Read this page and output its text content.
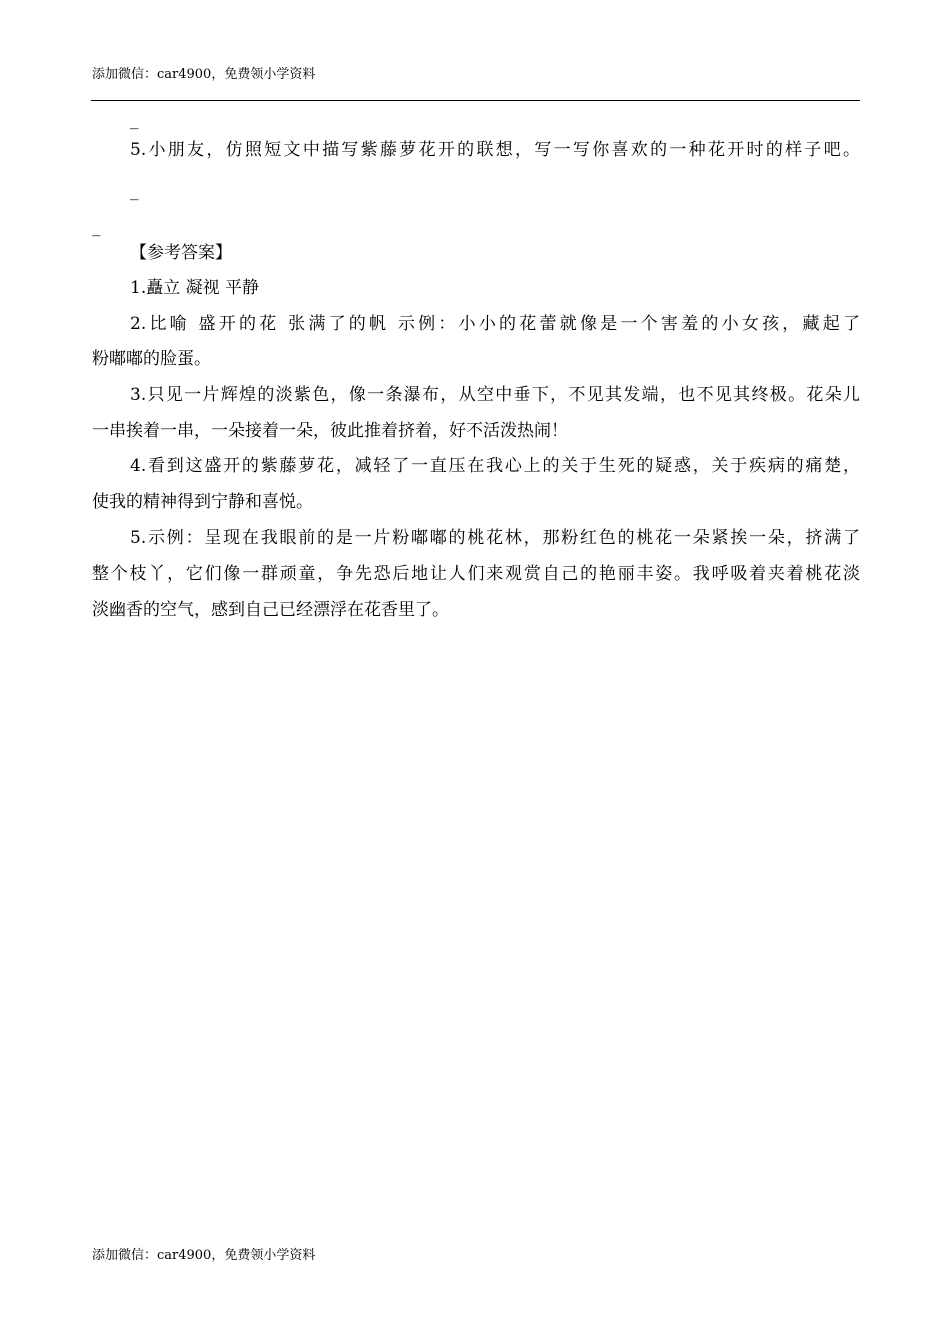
添加微信：car4900，免费领小学资料
_
5.小朋友，仿照短文中描写紫藤萝花开的联想，写一写你喜欢的一种花开时的样子吧。
_
_
【参考答案】
1.矗立 凝视 平静
2.比喻 盛开的花 张满了的帆 示例：小小的花蕾就像是一个害羞的小女孩，藏起了
粉嘟嘟的脸蛋。
3.只见一片辉煌的淡紫色，像一条瀑布，从空中垂下，不见其发端，也不见其终极。花朵儿
一串挨着一串，一朵接着一朵，彼此推着挤着，好不活泼热闹！
4.看到这盛开的紫藤萝花，减轻了一直压在我心上的关于生死的疑惑，关于疾病的痛楚，
使我的精神得到宁静和喜悦。
5.示例：呈现在我眼前的是一片粉嘟嘟的桃花林，那粉红色的桃花一朵紧挨一朵，挤满了
整个枝丫，它们像一群顽童，争先恐后地让人们来观赏自己的艳丽丰姿。我呼吸着夹着桃花淡
淡幽香的空气，感到自己已经漂浮在花香里了。
添加微信：car4900，免费领小学资料
